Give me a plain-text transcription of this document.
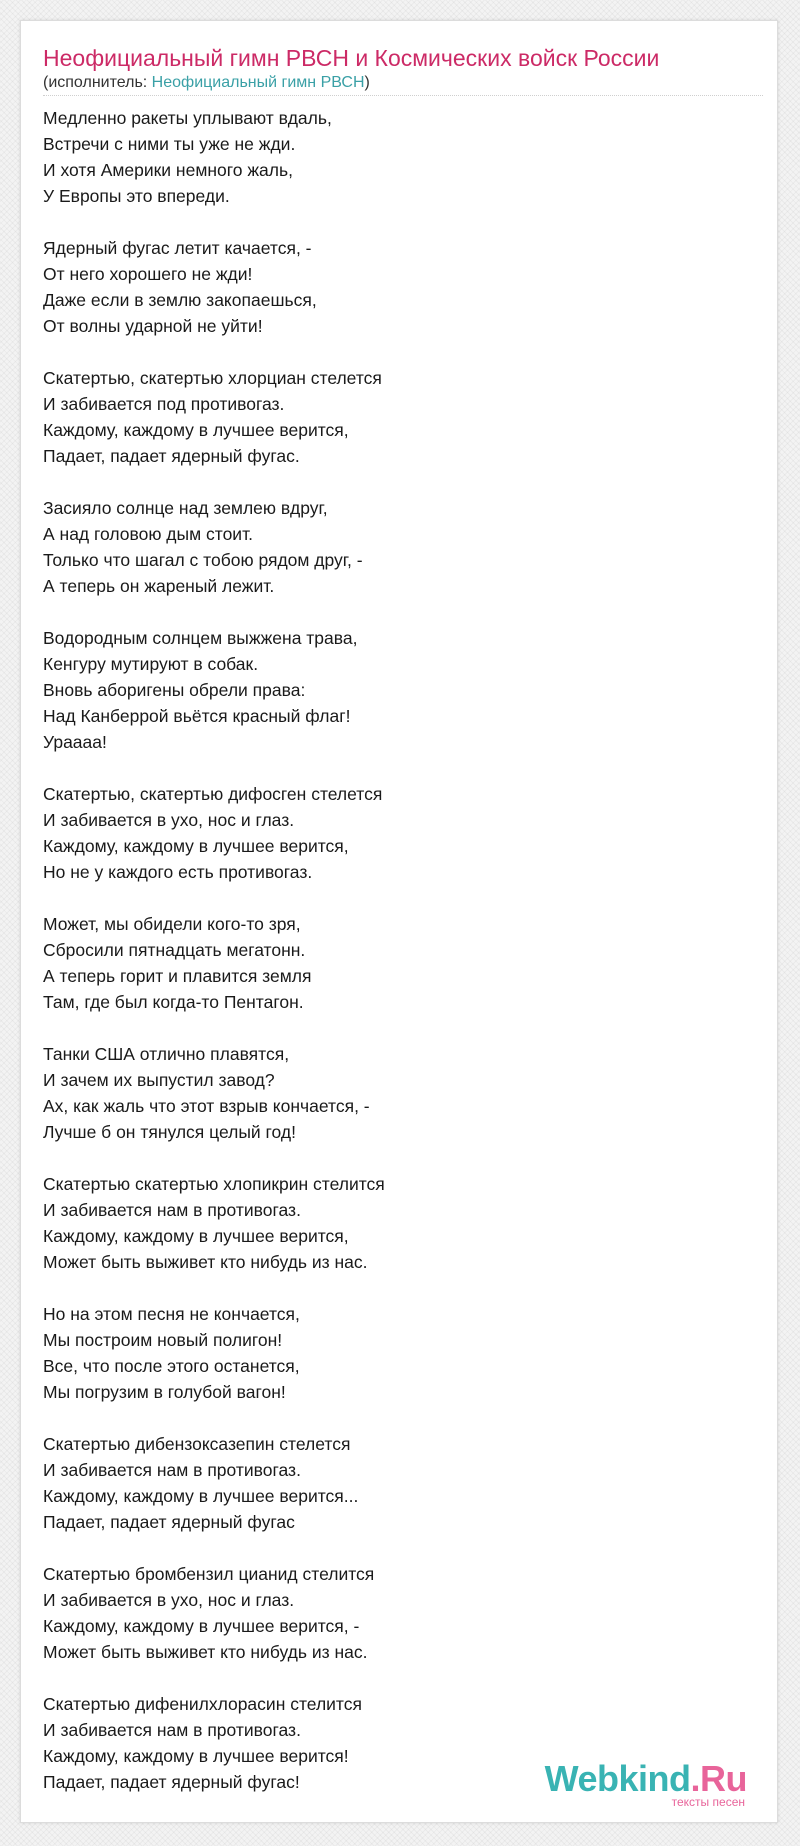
Неофициальный гимн РВСН и Космических войск России
(исполнитель: Неофициальный гимн РВСН)
Медленно ракеты уплывают вдаль,
Встречи с ними ты уже не жди.
И хотя Америки немного жаль,
У Европы это впереди.
Ядерный фугас летит качается, -
От него хорошего не жди!
Даже если в землю закопаешься,
От волны ударной не уйти!
Скатертью, скатертью хлорциан стелется
И забивается под противогаз.
Каждому, каждому в лучшее верится,
Падает, падает ядерный фугас.
Засияло солнце над землею вдруг,
А над головою дым стоит.
Только что шагал с тобою рядом друг, -
А теперь он жареный лежит.
Водородным солнцем выжжена трава,
Кенгуру мутируют в собак.
Вновь аборигены обрели права:
Над Канберрой вьётся красный флаг!
Ураааа!
Скатертью, скатертью дифосген стелется
И забивается в ухо, нос и глаз.
Каждому, каждому в лучшее верится,
Но не у каждого есть противогаз.
Может, мы обидели кого-то зря,
Сбросили пятнадцать мегатонн.
А теперь горит и плавится земля
Там, где был когда-то Пентагон.
Танки США отлично плавятся,
И зачем их выпустил завод?
Ах, как жаль что этот взрыв кончается, -
Лучше б он тянулся целый год!
Скатертью скатертью хлопикрин стелится
И забивается нам в противогаз.
Каждому, каждому в лучшее верится,
Может быть выживет кто нибудь из нас.
Но на этом песня не кончается,
Мы построим новый полигон!
Все, что после этого останется,
Мы погрузим в голубой вагон!
Скатертью дибензоксазепин стелется
И забивается нам в противогаз.
Каждому, каждому в лучшее верится...
Падает, падает ядерный фугас
Скатертью бромбензил цианид стелится
И забивается в ухо, нос и глаз.
Каждому, каждому в лучшее верится, -
Может быть выживет кто нибудь из нас.
Скатертью дифенилхлорасин стелится
И забивается нам в противогаз.
Каждому, каждому в лучшее верится!
Падает, падает ядерный фугас!	Webkind.Ru
тексты песен
